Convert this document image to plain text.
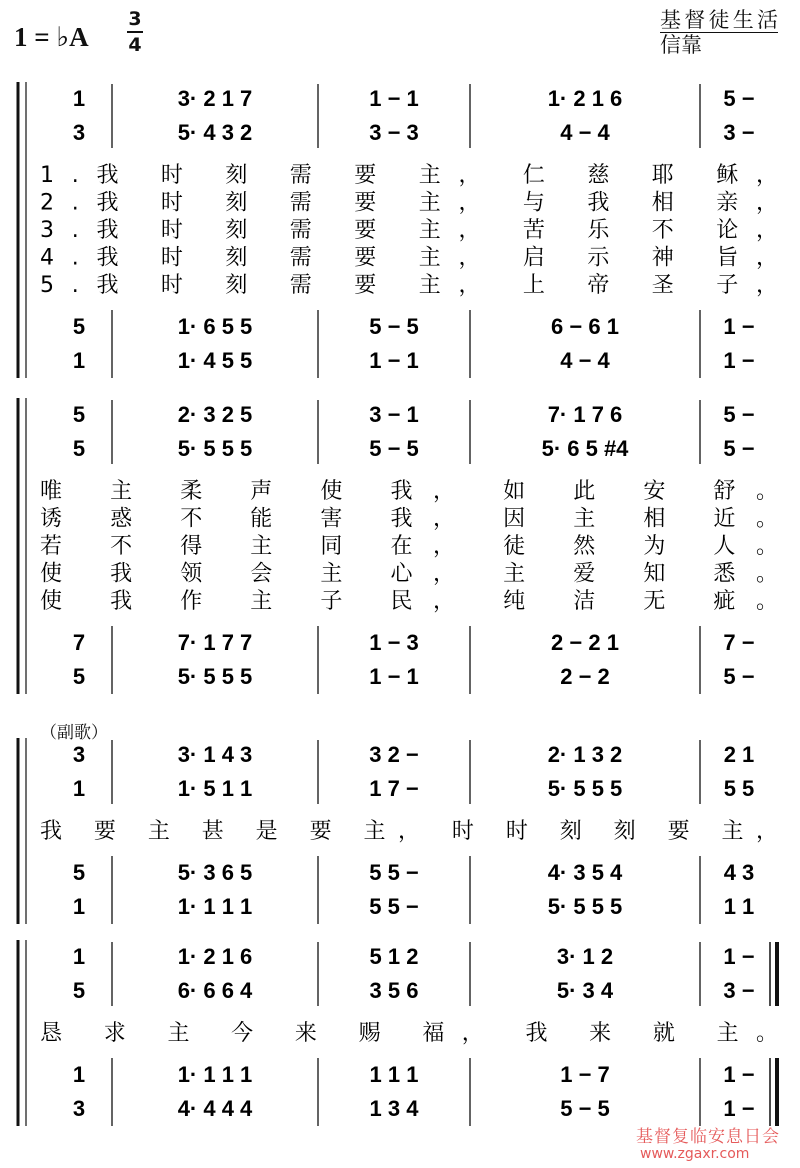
1 = ♭A
3
4
基督徒生活
信靠
1	3· 2 1 7	1 − 1	1· 2 1 6	5 −
3	5· 4 3 2	3 − 3	4 − 4	3 −
1.我 时 刻 需 要 主， 仁 慈 耶 稣，
2.我 时 刻 需 要 主， 与 我 相 亲，
3.我 时 刻 需 要 主， 苦 乐 不 论，
4.我 时 刻 需 要 主， 启 示 神 旨，
5.我 时 刻 需 要 主， 上 帝 圣 子，
5	1· 6 5 5	5 − 5	6 − 6 1	1 −
1	1· 4 5 5	1 − 1	4 − 4	1 −
5	2· 3 2 5	3 − 1	7· 1 7 6	5 −
5	5· 5 5 5	5 − 5	5· 6 5 #4	5 −
唯 主 柔 声 使 我， 如 此 安 舒。
诱 惑 不 能 害 我， 因 主 相 近。
若 不 得 主 同 在， 徒 然 为 人。
使 我 领 会 主 心， 主 爱 知 悉。
使 我 作 主 子 民， 纯 洁 无 疵。
7	7· 1 7 7	1 − 3	2 − 2 1	7 −
5	5· 5 5 5	1 − 1	2 − 2	5 −
3	3· 1 4 3	3 2 −	2· 1 3 2	2 1
1	1· 5 1 1	1 7 −	5· 5 5 5	5 5
我 要 主 甚 是 要 主， 时 时 刻 刻 要 主，
5	5· 3 6 5	5 5 −	4· 3 5 4	4 3
1	1· 1 1 1	5 5 −	5· 5 5 5	1 1
1	1· 2 1 6	5 1 2	3· 1 2	1 −
5	6· 6 6 4	3 5 6	5· 3 4	3 −
恳 求 主 今 来 赐 福， 我 来 就 主。
1	1· 1 1 1	1 1 1	1 − 7	1 −
3	4· 4 4 4	1 3 4	5 − 5	1 −
（副歌）
基督复临安息日会
www.zgaxr.com
